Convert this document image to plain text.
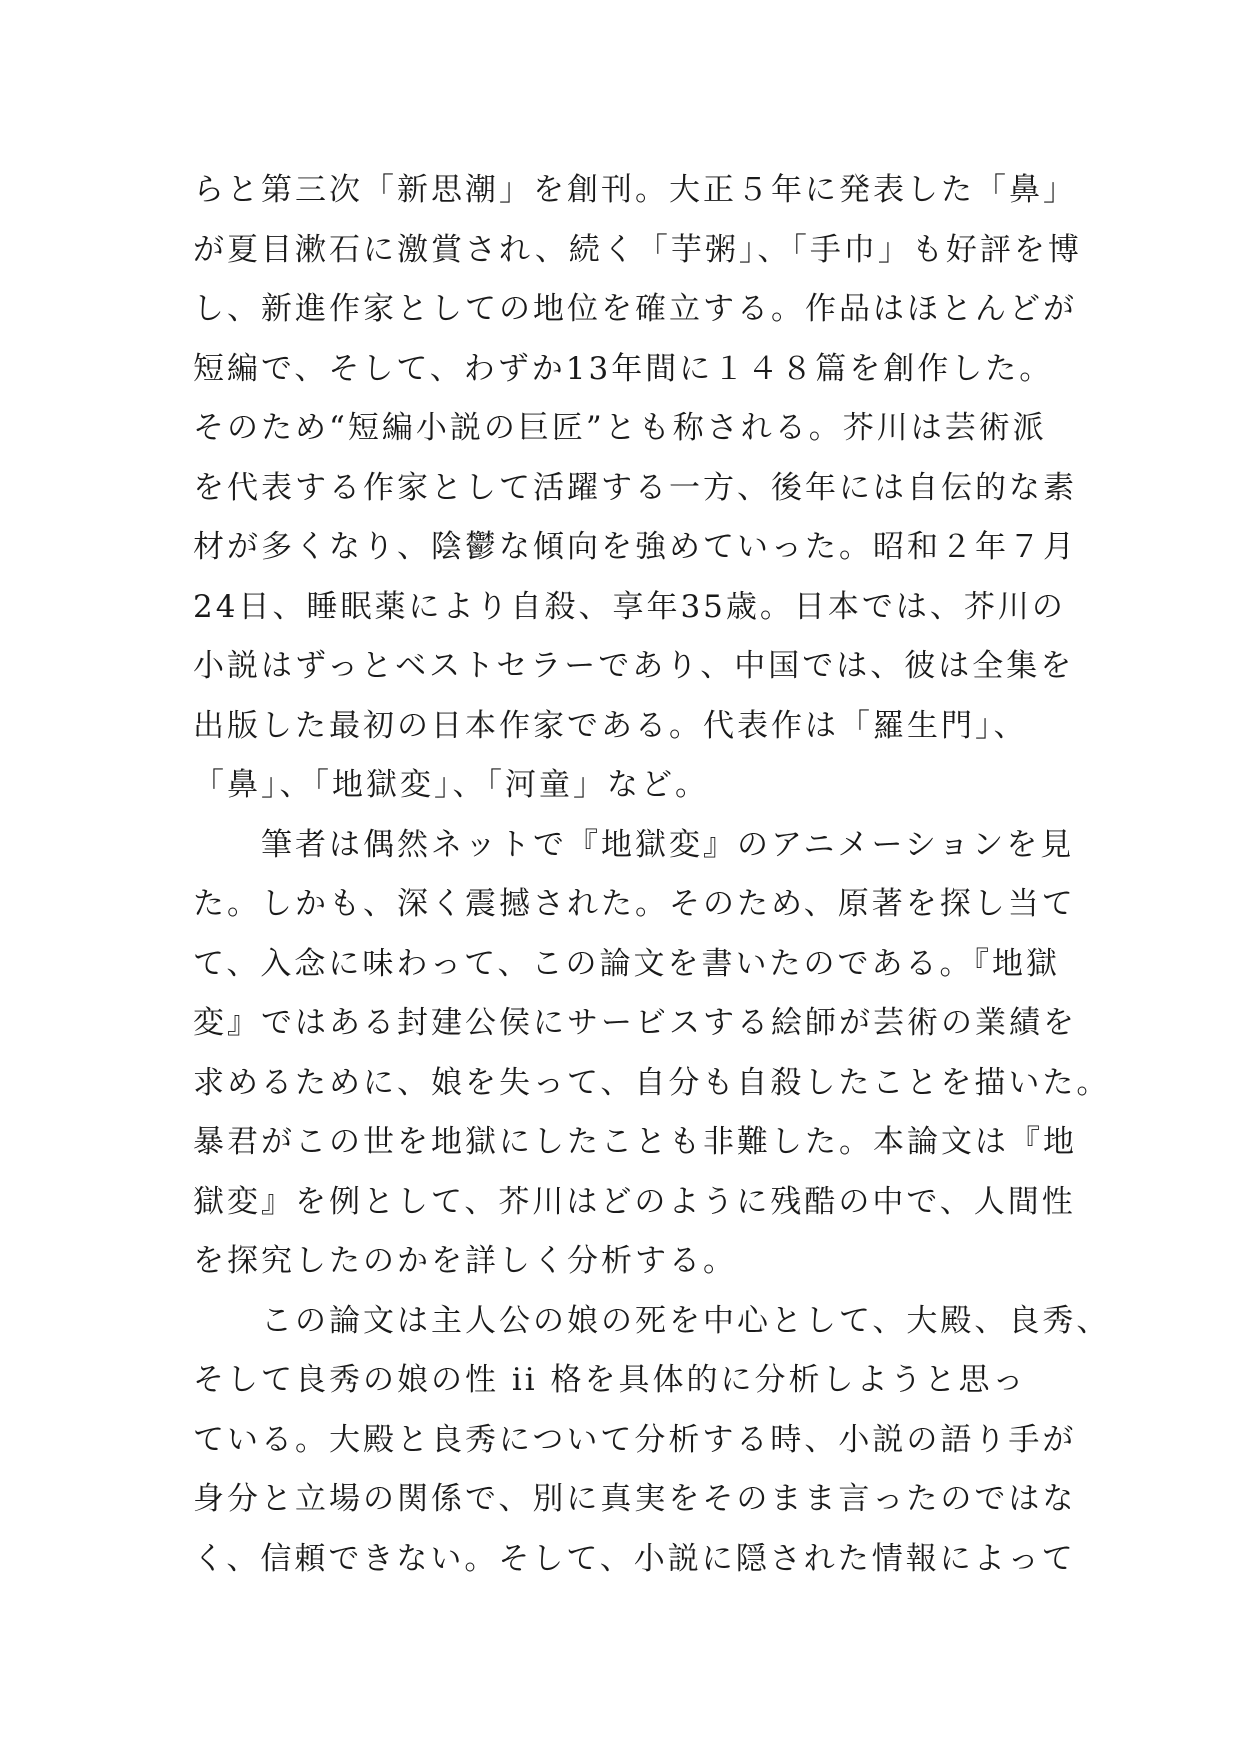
らと第三次「新思潮」を創刊。大正５年に発表した「鼻」
が夏目漱石に激賞され、続く「芋粥」、「手巾」も好評を博
し、新進作家としての地位を確立する。作品はほとんどが
短編で、そして、わずか13年間に１４８篇を創作した。
そのため“短編小説の巨匠”とも称される。芥川は芸術派
を代表する作家として活躍する一方、後年には自伝的な素
材が多くなり、陰鬱な傾向を強めていった。昭和２年７月
24日、睡眠薬により自殺、享年35歳。日本では、芥川の
小説はずっとベストセラーであり、中国では、彼は全集を
出版した最初の日本作家である。代表作は「羅生門」、
「鼻」、「地獄変」、「河童」など。
筆者は偶然ネットで『地獄変』のアニメーションを見
た。しかも、深く震撼された。そのため、原著を探し当て
て、入念に味わって、この論文を書いたのである。『地獄
変』ではある封建公侯にサービスする絵師が芸術の業績を
求めるために、娘を失って、自分も自殺したことを描いた。
暴君がこの世を地獄にしたことも非難した。本論文は『地
獄変』を例として、芥川はどのように残酷の中で、人間性
を探究したのかを詳しく分析する。
この論文は主人公の娘の死を中心として、大殿、良秀、
そして良秀の娘の性 ii 格を具体的に分析しようと思っ
ている。大殿と良秀について分析する時、小説の語り手が
身分と立場の関係で、別に真実をそのまま言ったのではな
く、信頼できない。そして、小説に隠された情報によって
